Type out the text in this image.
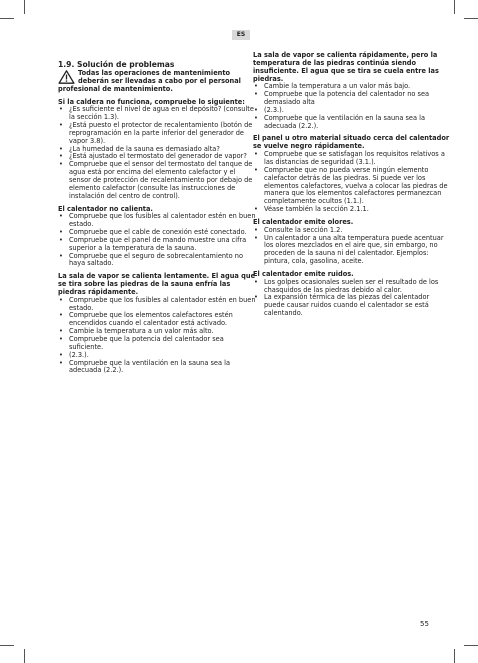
ES
1.9. Solución de problemas
Todas las operaciones de mantenimiento
deberán ser llevadas a cabo por el personal
profesional de mantenimiento.
Si la caldera no funciona, compruebe lo siguiente:
• ¿Es suficiente el nivel de agua en el depósito? (consulte la sección 1.3).
• ¿Está puesto el protector de recalentamiento (botón de reprogramación en la parte inferior del generador de vapor 3.8).
• ¿La humedad de la sauna es demasiado alta?
• ¿Está ajustado el termostato del generador de vapor?
• Compruebe que el sensor del termostato del tanque de agua está por encima del elemento calefactor y el sensor de protección de recalentamiento por debajo de elemento calefactor (consulte las instrucciones de instalación del centro de control).
El calentador no calienta.
• Compruebe que los fusibles al calentador estén en buen estado.
• Compruebe que el cable de conexión esté conectado.
• Compruebe que el panel de mando muestre una cifra superior a la temperatura de la sauna.
• Compruebe que el seguro de sobrecalentamiento no haya saltado.
La sala de vapor se calienta lentamente. El agua que se tira sobre las piedras de la sauna enfría las piedras rápidamente.
• Compruebe que los fusibles al calentador estén en buen estado.
• Compruebe que los elementos calefactores estén encendidos cuando el calentador está activado.
• Cambie la temperatura a un valor más alto.
• Compruebe que la potencia del calentador sea suficiente.
• (2.3.).
• Compruebe que la ventilación en la sauna sea la adecuada (2.2.).
La sala de vapor se calienta rápidamente, pero la temperatura de las piedras continúa siendo insuficiente. El agua que se tira se cuela entre las piedras.
• Cambie la temperatura a un valor más bajo.
• Compruebe que la potencia del calentador no sea demasiado alta
• (2.3.).
• Compruebe que la ventilación en la sauna sea la adecuada (2.2.).
El panel u otro material situado cerca del calentador se vuelve negro rápidamente.
• Compruebe que se satisfagan los requisitos relativos a las distancias de seguridad (3.1.).
• Compruebe que no pueda verse ningún elemento calefactor detrás de las piedras. Si puede ver los elementos calefactores, vuelva a colocar las piedras de manera que los elementos calefactores permanezcan completamente ocultos (1.1.).
• Véase también la sección 2.1.1.
El calentador emite olores.
• Consulte la sección 1.2.
• Un calentador a una alta temperatura puede acentuar los olores mezclados en el aire que, sin embargo, no proceden de la sauna ni del calentador. Ejemplos: pintura, cola, gasolina, aceite.
El calentador emite ruidos.
• Los golpes ocasionales suelen ser el resultado de los chasquidos de las piedras debido al calor.
• La expansión térmica de las piezas del calentador puede causar ruidos cuando el calentador se está calentando.
55
